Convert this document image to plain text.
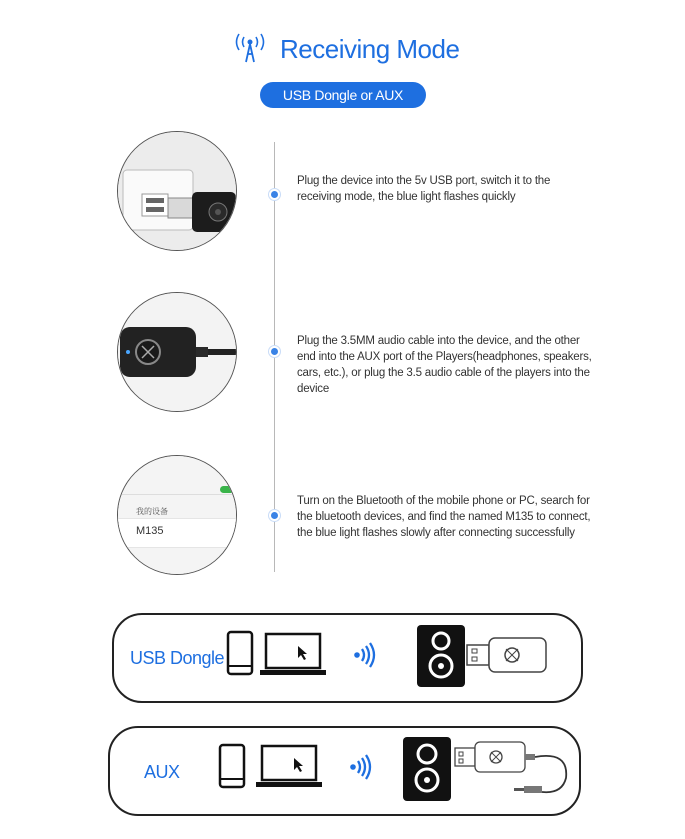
Receiving Mode
USB Dongle or AUX
Plug the device into the 5v USB port, switch it to the receiving mode, the blue light flashes quickly
Plug the 3.5MM audio cable into the device, and the other end into the AUX port of the Players(headphones, speakers, cars, etc.), or plug the 3.5 audio cable of the players into the device
我的设备
M135
Turn on the Bluetooth of the mobile phone or PC, search for the bluetooth devices, and find the named M135 to connect, the blue light flashes slowly after connecting successfully
USB Dongle
AUX
